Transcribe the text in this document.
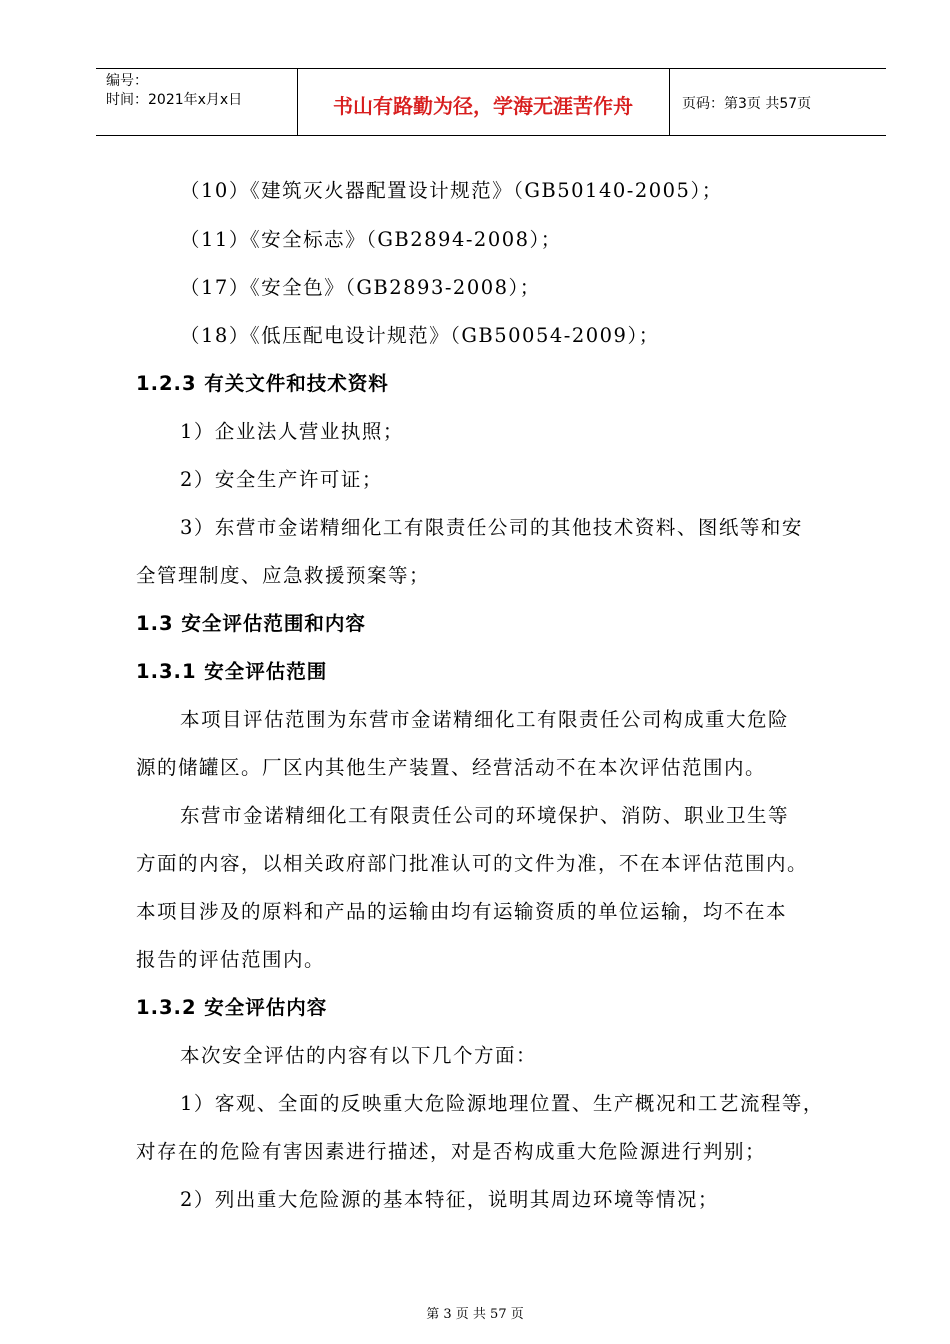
编号：
时间：2021年x月x日	书山有路勤为径，学海无涯苦作舟	页码：第3页 共57页
（10）《建筑灭火器配置设计规范》（GB50140-2005）；
（11）《安全标志》（GB2894-2008）；
（17）《安全色》（GB2893-2008）；
（18）《低压配电设计规范》（GB50054-2009）；
1.2.3 有关文件和技术资料
1）企业法人营业执照；
2）安全生产许可证；
3）东营市金诺精细化工有限责任公司的其他技术资料、图纸等和安
全管理制度、应急救援预案等；
1.3 安全评估范围和内容
1.3.1 安全评估范围
本项目评估范围为东营市金诺精细化工有限责任公司构成重大危险
源的储罐区。厂区内其他生产装置、经营活动不在本次评估范围内。
东营市金诺精细化工有限责任公司的环境保护、消防、职业卫生等
方面的内容，以相关政府部门批准认可的文件为准，不在本评估范围内。
本项目涉及的原料和产品的运输由均有运输资质的单位运输，均不在本
报告的评估范围内。
1.3.2 安全评估内容
本次安全评估的内容有以下几个方面：
1）客观、全面的反映重大危险源地理位置、生产概况和工艺流程等，
对存在的危险有害因素进行描述，对是否构成重大危险源进行判别；
2）列出重大危险源的基本特征，说明其周边环境等情况；
第 3 页 共 57 页
